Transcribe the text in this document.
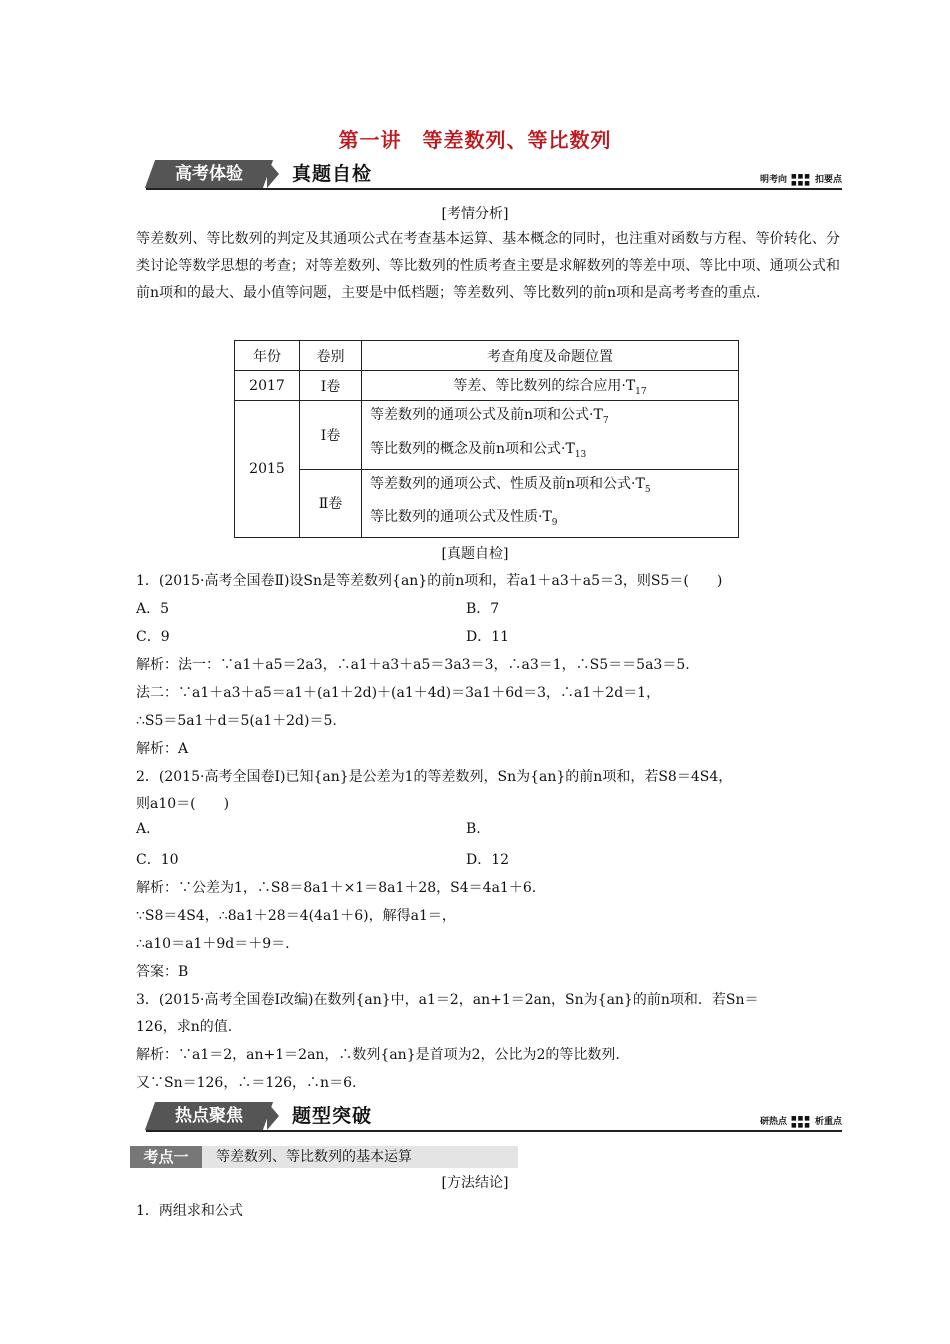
第一讲　等差数列、等比数列
高考体验	真题自检	明考向 ■■■
■■■ 扣要点
[考情分析]
等差数列、等比数列的判定及其通项公式在考查基本运算、基本概念的同时，也注重对函数与方程、等价转化、分类讨论等数学思想的考查；对等差数列、等比数列的性质考查主要是求解数列的等差中项、等比中项、通项公式和前n项和的最大、最小值等问题，主要是中低档题；等差数列、等比数列的前n项和是高考考查的重点.
年份	卷别	考查角度及命题位置
2017	Ⅰ卷	等差、等比数列的综合应用$\cdot T_{17}$
2015	Ⅰ卷	等差数列的通项公式及前n项和公式$\cdot T_7$
等比数列的概念及前n项和公式$\cdot T_{13}$

	Ⅱ卷	等差数列的通项公式、性质及前n项和公式$\cdot T_5$
等比数列的通项公式及性质$\cdot T_9$
[真题自检]
1．(2015·高考全国卷Ⅱ)设Sn是等差数列{an}的前n项和，若a1＋a3＋a5＝3，则S5＝(　　)
A．5	B．7
C．9	D．11
解析：法一：∵a1＋a5＝2a3，∴a1＋a3＋a5＝3a3＝3，∴a3＝1，∴S5＝＝5a3＝5.
法二：∵a1＋a3＋a5＝a1＋(a1＋2d)＋(a1＋4d)＝3a1＋6d＝3，∴a1＋2d＝1，
∴S5＝5a1＋d＝5(a1＋2d)＝5.
解析：A
2．(2015·高考全国卷Ⅰ)已知{an}是公差为1的等差数列，Sn为{an}的前n项和，若S8＝4S4，
则a10＝(　　)
A.	B.
C．10	D．12
解析：∵公差为1，∴S8＝8a1＋×1＝8a1＋28，S4＝4a1＋6.
∵S8＝4S4，∴8a1＋28＝4(4a1＋6)，解得a1＝，
∴a10＝a1＋9d＝＋9＝.
答案：B
3．(2015·高考全国卷Ⅰ改编)在数列{an}中，a1＝2，an+1＝2an，Sn为{an}的前n项和．若Sn＝
126，求n的值.
解析：∵a1＝2，an+1＝2an，∴数列{an}是首项为2，公比为2的等比数列.
又∵Sn＝126，∴＝126，∴n＝6.
热点聚焦	题型突破	研热点 ■■■
■■■ 析重点
考点一	等差数列、等比数列的基本运算
[方法结论]
1．两组求和公式
